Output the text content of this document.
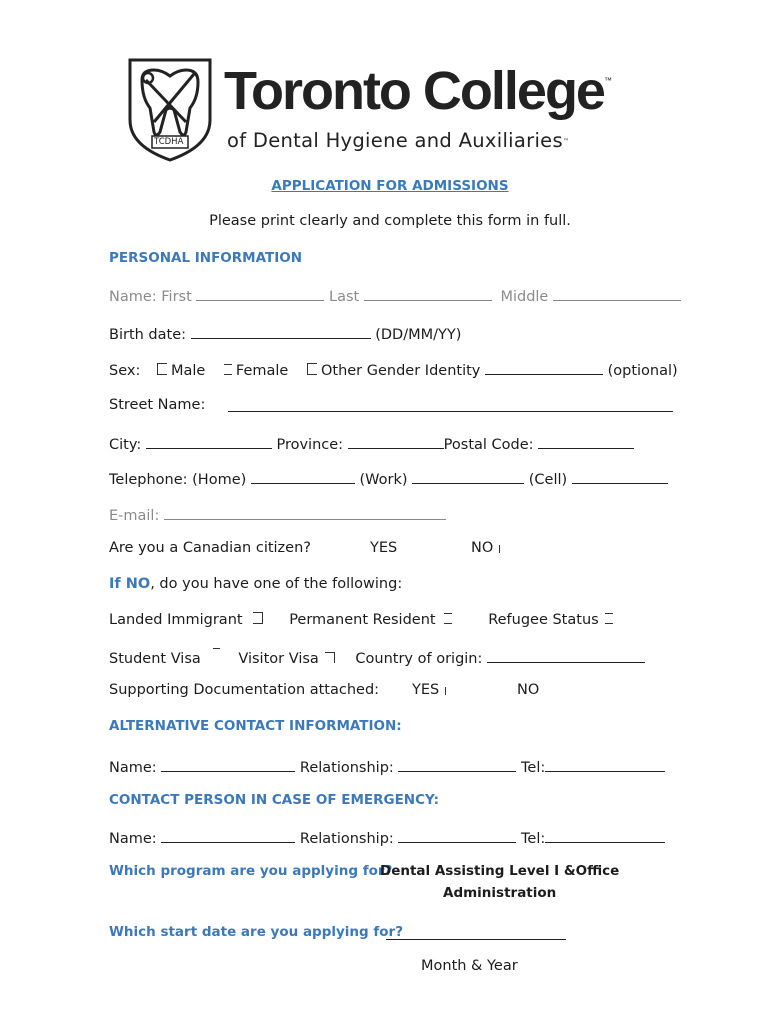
TCDHA
Toronto College™
of Dental Hygiene and Auxiliaries™
APPLICATION FOR ADMISSIONS
Please print clearly and complete this form in full.
PERSONAL INFORMATION
Name: First	Last	Middle
Birth date:	(DD/MM/YY)
Sex: Male Female Other Gender Identity	(optional)
Street Name:
City:	Province:	Postal Code:
Telephone: (Home)	(Work)	(Cell)
E-mail:
Are you a Canadian citizen?	YES	NO
If NO, do you have one of the following:
Landed Immigrant	Permanent Resident	Refugee Status
Student Visa	Visitor Visa	Country of origin:
Supporting Documentation attached: YES	NO
ALTERNATIVE CONTACT INFORMATION:
Name:	Relationship:	Tel:
CONTACT PERSON IN CASE OF EMERGENCY:
Name:	Relationship:	Tel:
Which program are you applying for?
Dental Assisting Level I &Office
Administration
Which start date are you applying for?
Month & Year
